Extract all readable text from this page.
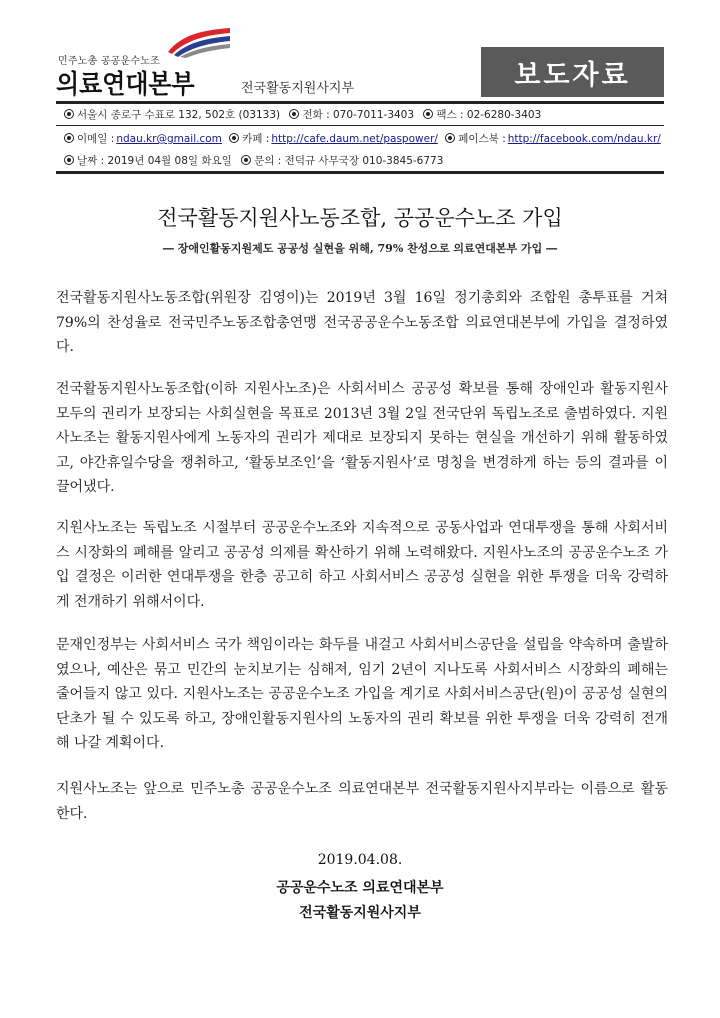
민주노총 공공운수노조
의료연대본부	전국활동지원사지부	보도자료
서울시 종로구 수표로 132, 502호 (03133) 전화 : 070-7011-3403 팩스 : 02-6280-3403
이메일 : ndau.kr@gmail.com 카페 : http://cafe.daum.net/paspower/ 페이스북 : http://facebook.com/ndau.kr/
날짜 : 2019년 04월 08일 화요일 문의 : 전덕규 사무국장 010-3845-6773
전국활동지원사노동조합, 공공운수노조 가입
― 장애인활동지원제도 공공성 실현을 위해, 79% 찬성으로 의료연대본부 가입 ―

전국활동지원사노동조합(위원장 김영이)는 2019년 3월 16일 정기총회와 조합원 총투표를 거쳐 79%의 찬성율로 전국민주노동조합총연맹 전국공공운수노동조합 의료연대본부에 가입을 결정하였다.

전국활동지원사노동조합(이하 지원사노조)은 사회서비스 공공성 확보를 통해 장애인과 활동지원사 모두의 권리가 보장되는 사회실현을 목표로 2013년 3월 2일 전국단위 독립노조로 출범하였다. 지원사노조는 활동지원사에게 노동자의 권리가 제대로 보장되지 못하는 현실을 개선하기 위해 활동하였고, 야간휴일수당을 쟁취하고, ‘활동보조인’을 ‘활동지원사’로 명칭을 변경하게 하는 등의 결과를 이끌어냈다.

지원사노조는 독립노조 시절부터 공공운수노조와 지속적으로 공동사업과 연대투쟁을 통해 사회서비스 시장화의 폐해를 알리고 공공성 의제를 확산하기 위해 노력해왔다. 지원사노조의 공공운수노조 가입 결정은 이러한 연대투쟁을 한층 공고히 하고 사회서비스 공공성 실현을 위한 투쟁을 더욱 강력하게 전개하기 위해서이다.

문재인정부는 사회서비스 국가 책임이라는 화두를 내걸고 사회서비스공단을 설립을 약속하며 출발하였으나, 예산은 묶고 민간의 눈치보기는 심해져, 임기 2년이 지나도록 사회서비스 시장화의 폐해는 줄어들지 않고 있다. 지원사노조는 공공운수노조 가입을 계기로 사회서비스공단(원)이 공공성 실현의 단초가 될 수 있도록 하고, 장애인활동지원사의 노동자의 권리 확보를 위한 투쟁을 더욱 강력히 전개해 나갈 계획이다.

지원사노조는 앞으로 민주노총 공공운수노조 의료연대본부 전국활동지원사지부라는 이름으로 활동한다.

2019.04.08.
공공운수노조 의료연대본부
전국활동지원사지부
